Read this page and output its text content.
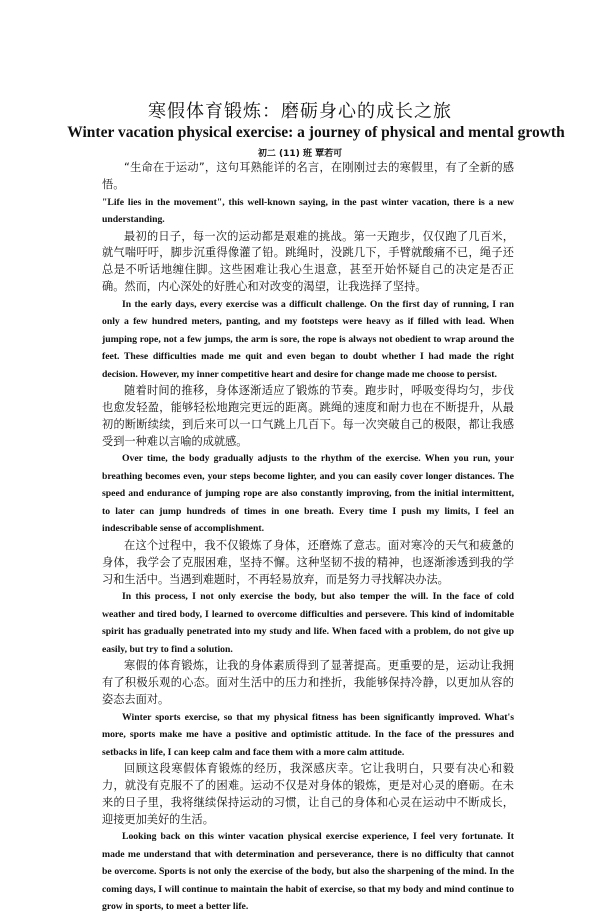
寒假体育锻炼：磨砺身心的成长之旅
Winter vacation physical exercise: a journey of physical and mental growth
初二 (11) 班 覃若可

“生命在于运动”，这句耳熟能详的名言，在刚刚过去的寒假里，有了全新的感悟。

"Life lies in the movement", this well-known saying, in the past winter vacation, there is a new understanding.

最初的日子，每一次的运动都是艰难的挑战。第一天跑步，仅仅跑了几百米，就气喘吁吁，脚步沉重得像灌了铅。跳绳时，没跳几下，手臂就酸痛不已，绳子还总是不听话地缠住脚。这些困难让我心生退意，甚至开始怀疑自己的决定是否正确。然而，内心深处的好胜心和对改变的渴望，让我选择了坚持。

In the early days, every exercise was a difficult challenge. On the first day of running, I ran only a few hundred meters, panting, and my footsteps were heavy as if filled with lead. When jumping rope, not a few jumps, the arm is sore, the rope is always not obedient to wrap around the feet. These difficulties made me quit and even began to doubt whether I had made the right decision. However, my inner competitive heart and desire for change made me choose to persist.

随着时间的推移，身体逐渐适应了锻炼的节奏。跑步时，呼吸变得均匀，步伐也愈发轻盈，能够轻松地跑完更远的距离。跳绳的速度和耐力也在不断提升，从最初的断断续续，到后来可以一口气跳上几百下。每一次突破自己的极限，都让我感受到一种难以言喻的成就感。

Over time, the body gradually adjusts to the rhythm of the exercise. When you run, your breathing becomes even, your steps become lighter, and you can easily cover longer distances. The speed and endurance of jumping rope are also constantly improving, from the initial intermittent, to later can jump hundreds of times in one breath. Every time I push my limits, I feel an indescribable sense of accomplishment.

在这个过程中，我不仅锻炼了身体，还磨炼了意志。面对寒冷的天气和疲惫的身体，我学会了克服困难，坚持不懈。这种坚韧不拔的精神，也逐渐渗透到我的学习和生活中。当遇到难题时，不再轻易放弃，而是努力寻找解决办法。

In this process, I not only exercise the body, but also temper the will. In the face of cold weather and tired body, I learned to overcome difficulties and persevere. This kind of indomitable spirit has gradually penetrated into my study and life. When faced with a problem, do not give up easily, but try to find a solution.

寒假的体育锻炼，让我的身体素质得到了显著提高。更重要的是，运动让我拥有了积极乐观的心态。面对生活中的压力和挫折，我能够保持冷静，以更加从容的姿态去面对。

Winter sports exercise, so that my physical fitness has been significantly improved. What's more, sports make me have a positive and optimistic attitude. In the face of the pressures and setbacks in life, I can keep calm and face them with a more calm attitude.

回顾这段寒假体育锻炼的经历，我深感庆幸。它让我明白，只要有决心和毅力，就没有克服不了的困难。运动不仅是对身体的锻炼，更是对心灵的磨砺。在未来的日子里，我将继续保持运动的习惯，让自己的身体和心灵在运动中不断成长，迎接更加美好的生活。

Looking back on this winter vacation physical exercise experience, I feel very fortunate. It made me understand that with determination and perseverance, there is no difficulty that cannot be overcome. Sports is not only the exercise of the body, but also the sharpening of the mind. In the coming days, I will continue to maintain the habit of exercise, so that my body and mind continue to grow in sports, to meet a better life.
